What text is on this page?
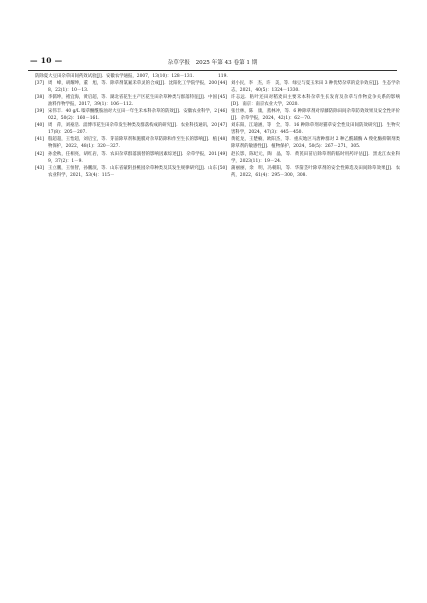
— 10 —	杂草学报　2025 年第 43 卷第 1 期

防除夏大豆田杂草田间药效试验[J]．安徽农学通报，2007，13(10)：128－131.

[37] 周　峰，胡耀坤，董　旭，等．除草剂氯氟禾草灵的合成[J]．沈阳化工学院学报，2008，22(1)：10－13.

[38] 李儒坤，褚宜海，黄启超，等．湖北省花生主产区花生田杂草种类与群落特征[J]．中国油料作物学报，2017，39(1)：106－112.

[39] 宋伟丰．40 g/L 嗪草酮酰胺油对大豆田一年生禾本科杂草的防效[J]．安徽农业科学，2022，50(2)：160－161.

[40] 周　萍，刘豪浩．淄博市花生田杂草发生种类及群落构成的研究[J]．农业科技通讯，2017(8)：205－207.

[41] 殷超超，王怡超，刘启宝，等．芽前除草剂和施膜对杂草防除和作至生长的影响[J]．植物保护，2022，48(1)：320－327.

[42] 孙金秋，任相亮，胡红岩，等．农田杂草群落演替的影响因素综述[J]．杂草学报，2019，37(2)：1－9.

[43] 王立鹏，王恒智，孙鹏泯，等．山东省蒙阴县桃园杂草种类及其发生规律研究[J]．山东农业科学，2021，53(4)：115－

119.

[44] 刘小民，李　杰，许　美，等．绿豆与夏玉米田 3 种优势杂草的竞争效应[J]．生态学杂志，2021，40(5)：1324－1330.

[45] 许志远．粘叶还田对稻麦田主要禾本科杂草生长发育及杂草与作物竞争关系的影响[D]．南京：南京农业大学，2020.

[46] 张仕林，陈　康，蒸林冲，等．6 种除草剂对厚藤防除田间杂草防效效果及安全性评价[J]．杂草学报，2024，42(1)：62－70.

[47] 刘东阳，江迪涵，等　全，等．16 种除草剂对猫草安全性及田间防效研究[J]．生物灾害科学，2024，47(3)：445－450.

[48] 黄乾龙，王楚楠，欧阳杰，等．重庆地区马唐种群对 2 种乙酰辅酶 A 羧化酶抑制剂类除草剂的敏感性[J]．植物保护，2024，50(5)：267－271，305.

[49] 赵长影，陈纪元，陶　晶，等．黄芪田苗后除草剂的临时用药评估[J]．黑龙江农业科学，2023(11)：19－24.

[50] 蒲丽丽，余　明，冯朝阳，等．华箭茎叶除草剂的安全性筛选及田间除草效果[J]．农药，2022，61(4)：295－300，308.
